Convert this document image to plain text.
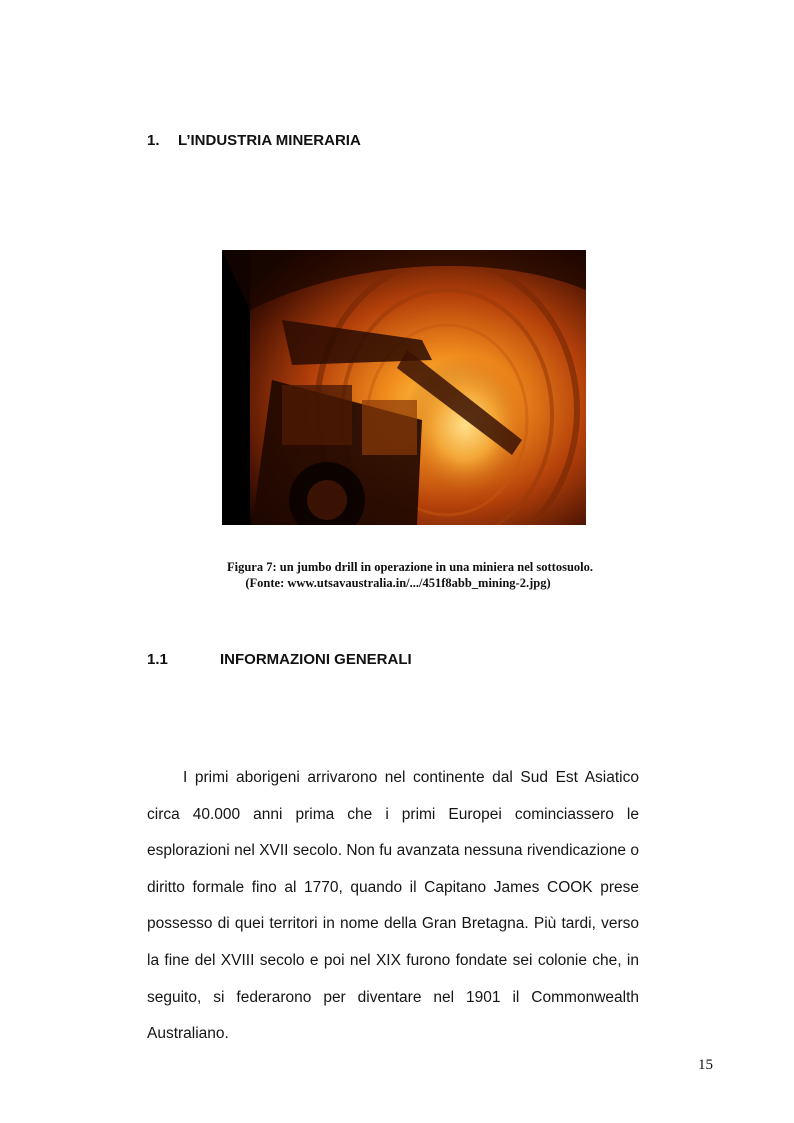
1.	L’INDUSTRIA MINERARIA
Figura 7: un jumbo drill in operazione in una miniera nel sottosuolo.
(Fonte: www.utsavaustralia.in/.../451f8abb_mining-2.jpg)
1.1	INFORMAZIONI GENERALI

I primi aborigeni arrivarono nel continente dal Sud Est Asiatico circa 40.000 anni prima che i primi Europei cominciassero le esplorazioni nel XVII secolo. Non fu avanzata nessuna rivendicazione o diritto formale fino al 1770, quando il Capitano James COOK prese possesso di quei territori in nome della Gran Bretagna. Più tardi, verso la fine del XVIII secolo e poi nel XIX furono fondate sei colonie che, in seguito, si federarono per diventare nel 1901 il Commonwealth Australiano.

15
